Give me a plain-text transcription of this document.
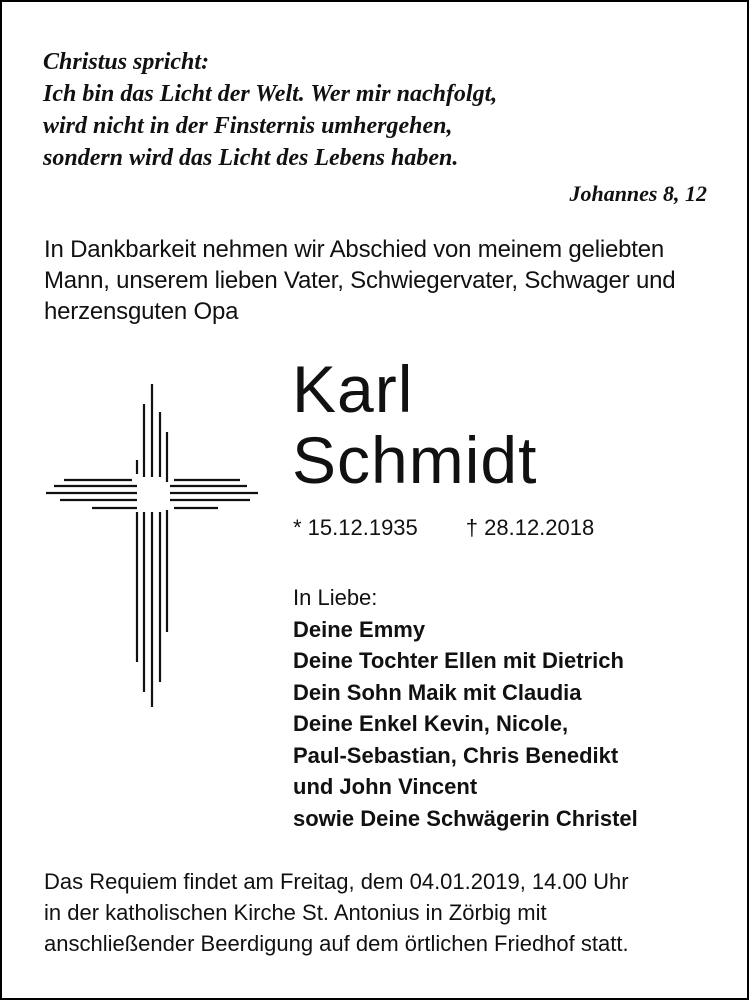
Christus spricht:
Ich bin das Licht der Welt. Wer mir nachfolgt,
wird nicht in der Finsternis umhergehen,
sondern wird das Licht des Lebens haben.
Johannes 8, 12
In Dankbarkeit nehmen wir Abschied von meinem geliebten
Mann, unserem lieben Vater, Schwiegervater, Schwager und
herzensguten Opa
Karl
Schmidt
* 15.12.1935 † 28.12.2018
In Liebe:
Deine Emmy
Deine Tochter Ellen mit Dietrich
Dein Sohn Maik mit Claudia
Deine Enkel Kevin, Nicole,
Paul-Sebastian, Chris Benedikt
und John Vincent
sowie Deine Schwägerin Christel
Das Requiem findet am Freitag, dem 04.01.2019, 14.00 Uhr
in der katholischen Kirche St. Antonius in Zörbig mit
anschließender Beerdigung auf dem örtlichen Friedhof statt.
